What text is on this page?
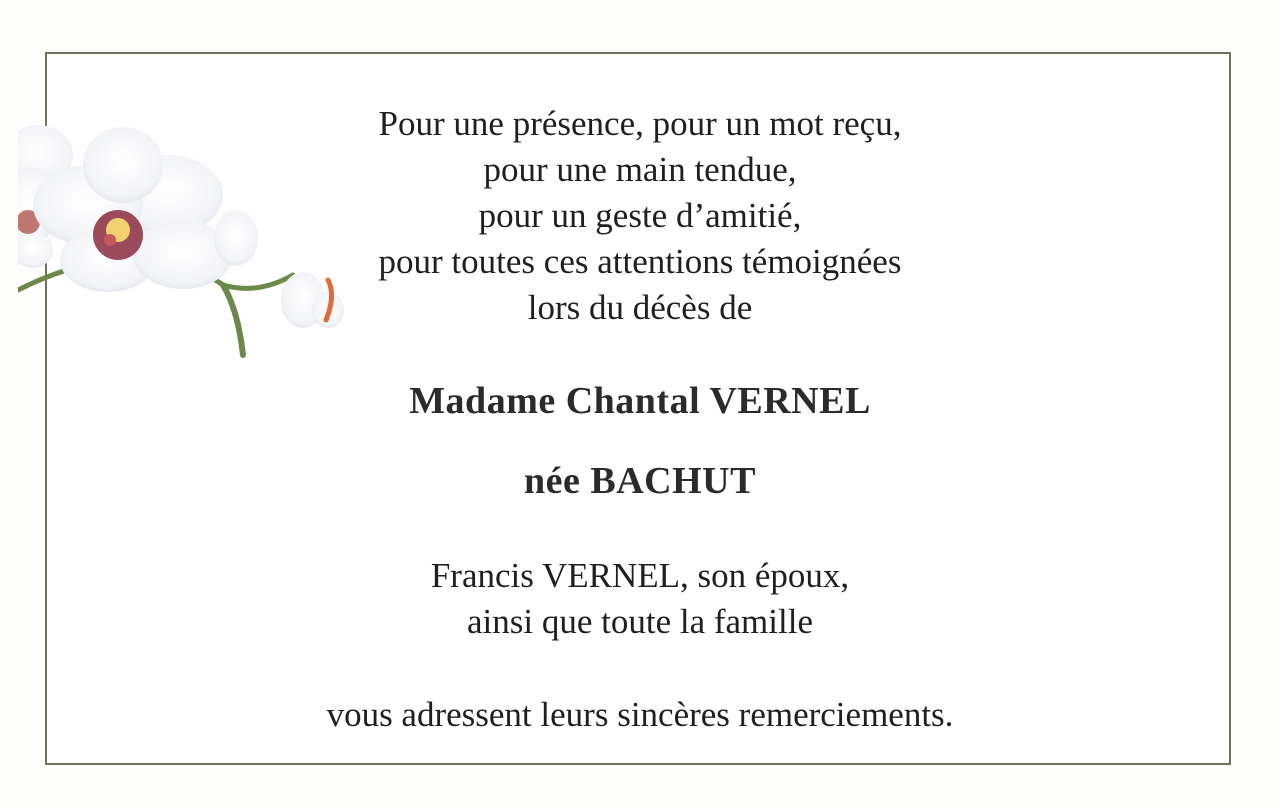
Pour une présence, pour un mot reçu,
pour une main tendue,
pour un geste d’amitié,
pour toutes ces attentions témoignées
lors du décès de
Madame Chantal VERNEL
née BACHUT
Francis VERNEL, son époux,
ainsi que toute la famille
vous adressent leurs sincères remerciements.
